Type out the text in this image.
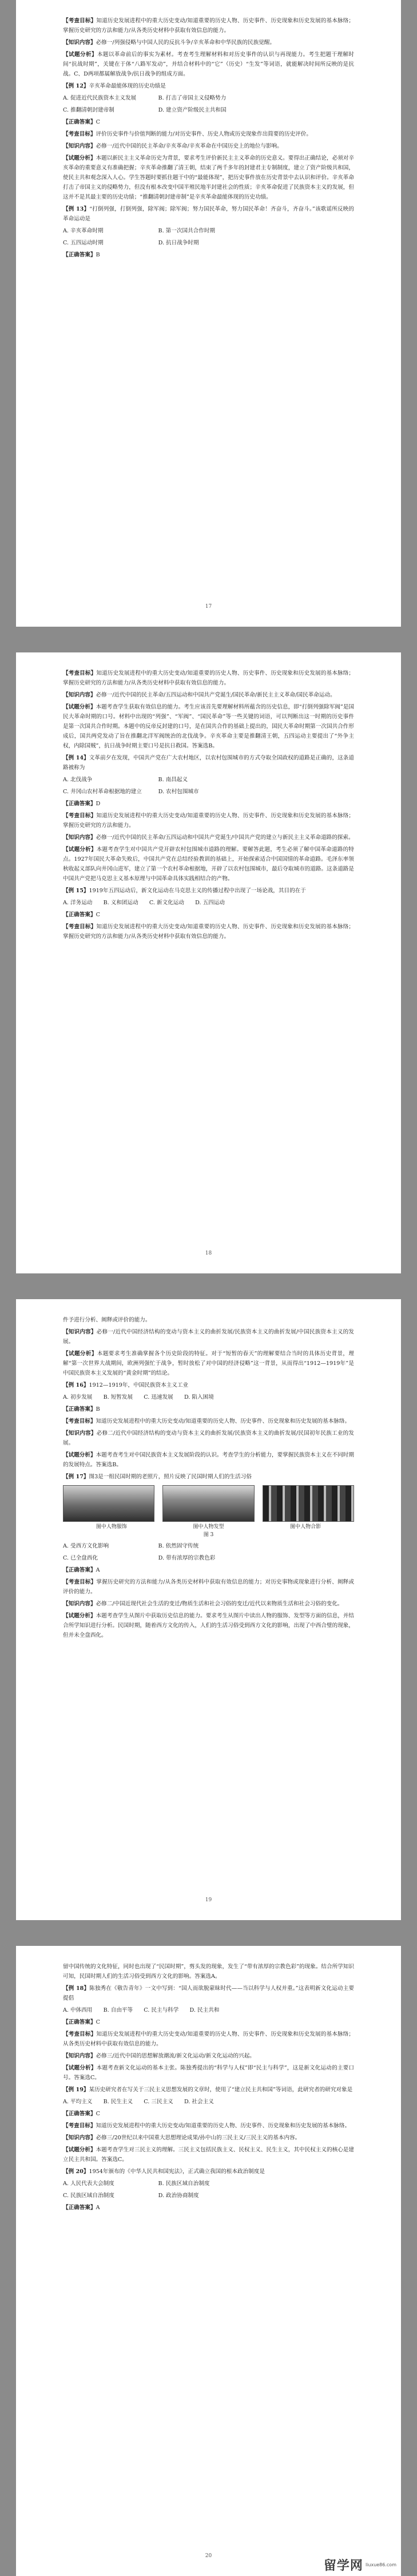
【考查目标】知道历史发展进程中的重大历史变动/知道重要的历史人物、历史事件、历史现象和历史发展的基本脉络；掌握历史研究的方法和能力/从各类历史材料中获取有效信息的能力。

【知识内容】必修一/列强侵略与中国人民的反抗斗争/辛亥革命和中华民族的民族觉醒。

【试题分析】本题以革命前后的事实为素材。考查考生理解材料和对历史事件的认识与再现能力。考生把题干理解时间“抗战时期”，关键在于体“八路军发动”，并结合材料中的“它”（历史）“生发”等词语，就能解决时间所反映的是抗战。C、D两项都属解放战争/抗日战争的组成方面。

【例 12】辛亥革命最能体现的历史功绩是

A. 促进近代民族资本主义发展　　　　B. 打击了帝国主义侵略势力

C. 推翻清朝封建帝制　　　　　　　　D. 建立资产阶级民主共和国

【正确答案】C

【考查目标】评价历史事件与价值判断的能力/对历史事件、历史人物或历史现象作出简要的历史评价。

【知识内容】必修一/近代中国的民主革命/辛亥革命/辛亥革命在中国历史上的地位与影响。

【试题分析】本题以新民主主义革命历史为背景，要求考生评价新民主主义革命的历史意义。要得出正确结论，必须对辛亥革命的重要意义有准确把握；辛亥革命推翻了清王朝，结束了两千多年的封建君主专制制度，建立了资产阶级共和国，使民主共和观念深入人心。学生答题时要抓住题干中的“最能体现”，把历史事件放在历史背景中去认识和评价。辛亥革命打击了帝国主义的侵略势力，但没有根本改变中国半殖民地半封建社会的性质；辛亥革命促进了民族资本主义的发展，但这并不是其最主要的历史功绩；“推翻清朝封建帝制”是辛亥革命最能体现的历史功绩。

【例 13】“打倒列强，打倒列强，除军阀；除军阀；努力国民革命，努力国民革命！齐奋斗，齐奋斗。”该歌谣所反映的革命运动是

A. 辛亥革命时期　　　　　　　　　　B. 第一次国共合作时期

C. 五四运动时期　　　　　　　　　　D. 抗日战争时期

【正确答案】B

17

【考查目标】知道历史发展进程中的重大历史变动/知道重要的历史人物、历史事件、历史现象和历史发展的基本脉络；掌握历史研究的方法和能力/从各类历史材料中获取有效信息的能力。

【知识内容】必修一/近代中国的民主革命/五四运动和中国共产党诞生/国民革命/新民主主义革命/国民革命运动。

【试题分析】本题考查学生获取有效信息的能力。考生应该首先要理解材料所蕴含的历史信息，即“打倒列强除军阀”是国民大革命时期的口号。材料中出现的“列强”、“军阀”、“国民革命”等一些关键的词语，可以判断出这一时期的历史事件是第一次国共合作时期。本题中的反帝反封建的口号，是在国共合作的基础上提出的，国民大革命时期第一次国共合作形成后，国共两党发动了旨在推翻北洋军阀统治的北伐战争。辛亥革命主要是推翻清王朝，五四运动主要提出了“外争主权，内除国贼”，抗日战争时期主要口号是抗日救国。答案选B。

【例 14】文革前夕在发现，中国共产党在广大农村地区，以农村包围城市的方式夺取全国政权的道路是正确的，这条道路被称为

A. 北伐战争　　　　　　　　　　　　B. 南昌起义

C. 井冈山农村革命根据地的建立　　　D. 农村包围城市

【正确答案】D

【考查目标】知道历史发展进程中的重大历史变动/知道重要的历史人物、历史事件、历史现象和历史发展的基本脉络；掌握历史研究的方法和能力。

【知识内容】必修一/近代中国的民主革命/五四运动和中国共产党诞生/中国共产党的建立与新民主主义革命道路的探索。

【试题分析】本题考查学生对中国共产党开辟农村包围城市道路的理解。要解答此题，考生必须了解中国革命道路的特点。1927年国民大革命失败后，中国共产党在总结经验教训的基础上，开始探索适合中国国情的革命道路。毛泽东率领秋收起义部队向井冈山进军，建立了第一个农村革命根据地，开辟了以农村包围城市，最后夺取城市的道路。这条道路是中国共产党把马克思主义基本原理与中国革命具体实践相结合的产物。

【例 15】1919年五四运动后，新文化运动在马克思主义的传播过程中出现了一场论战，其目的在于

A. 洋务运动　　B. 义和团运动　　C. 新文化运动　　D. 五四运动

【正确答案】C

【考查目标】知道历史发展进程中的重大历史变动/知道重要的历史人物、历史事件、历史现象和历史发展的基本脉络；掌握历史研究的方法和能力/从各类历史材料中获取有效信息的能力。

18

件予进行分析、阐释或评价的能力。

【知识内容】必修一/近代中国经济结构的变动与资本主义的曲折发展/民族资本主义的曲折发展/中国民族资本主义的发展。

【试题分析】本题要求考生准确掌握各个历史阶段的特征。对于“短暂的春天”的理解要结合当时的具体历史背景，理解“第一次世界大战期间，欧洲列强忙于战争，暂时放松了对中国的经济侵略”这一背景，从而得出“1912—1919年”是中国民族资本主义发展的“黄金时期”的结论。

【例 16】1912—1919年，中国民族资本主义工业

A. 初步发展　　B. 短暂发展　　C. 迅速发展　　D. 陷入困境

【正确答案】B

【考查目标】知道历史发展进程中的重大历史变动/知道重要的历史人物、历史事件、历史现象和历史发展的基本脉络。

【知识内容】必修二/近代中国经济结构的变动与资本主义的曲折发展/民族资本主义的曲折发展/民国初年民族工业的发展。

【试题分析】本题考查考生对中国民族资本主义发展阶段的认识。考查学生的分析能力，要掌握民族资本主义在不同时期的发展特点。答案选B。

【例 17】图3是一组民国时期的老照片，照片反映了民国时期人们的生活习俗

图中人物服饰	图中人物发型	图中人物合影
图 3

A. 受西方文化影响　　　　　　　　　B. 依然固守传统

C. 已全盘西化　　　　　　　　　　　D. 带有浓厚的宗教色彩

【正确答案】A

【考查目标】掌握历史研究的方法和能力/从各类历史材料中获取有效信息的能力；对历史事物或现象进行分析、阐释或评价的能力。

【知识内容】必修二/中国近现代社会生活的变迁/物质生活和社会习俗的变迁/近代以来物质生活和社会习俗的变化。

【试题分析】本题考查学生从图片中获取历史信息的能力。要求考生从图片中读出人物的服饰、发型等方面的信息，并结合所学知识进行分析。民国时期，随着西方文化的传入，人们的生活习俗受到西方文化的影响，出现了中西合璧的现象，但并未全盘西化。

19

留中国传统的文化特征，同时也出现了“民国时期”，剪头发的现象，发生了“带有浓厚的宗教色彩”的现象。结合所学知识可知，民国时期人们的生活习俗受到西方文化的影响。答案选A。

【例 18】陈独秀在《敬告青年》一文中写到：“国人而欲脱蒙昧时代——当以科学与人权并重。”这表明新文化运动主要提倡

A. 中体西用　　B. 自由平等　　C. 民主与科学　　D. 民主共和

【正确答案】C

【考查目标】知道历史发展进程中的重大历史变动/知道重要的历史人物、历史事件、历史现象和历史发展的基本脉络；从各类历史材料中获取有效信息的能力。

【知识内容】必修三/近代中国的思想解放潮流/新文化运动/新文化运动的兴起。

【试题分析】本题考查新文化运动的基本主张。陈独秀提出的“科学与人权”即“民主与科学”，这是新文化运动的主要口号。答案选C。

【例 19】某历史研究者在写关于三民主义思想发展的文章时，使用了“建立民主共和国”等词语，此研究者的研究对象是

A. 平均主义　　B. 民生主义　　C. 三民主义　　D. 社会主义

【正确答案】C

【考查目标】知道历史发展进程中的重大历史变动/知道重要的历史人物、历史事件、历史现象和历史发展的基本脉络。

【知识内容】必修三/20世纪以来中国重大思想理论成果/孙中山的三民主义/三民主义的基本内容。

【试题分析】本题考查学生对三民主义的理解。三民主义包括民族主义、民权主义、民生主义，其中民权主义的核心是建立民主共和国。答案选C。

【例 20】1954年颁布的《中华人民共和国宪法》，正式确立我国的根本政治制度是

A. 人民代表大会制度　　　　　　　　B. 民族区域自治制度

C. 民族区域自治制度　　　　　　　　D. 政治协商制度

【正确答案】A

留学网 liuxue86.com
20
